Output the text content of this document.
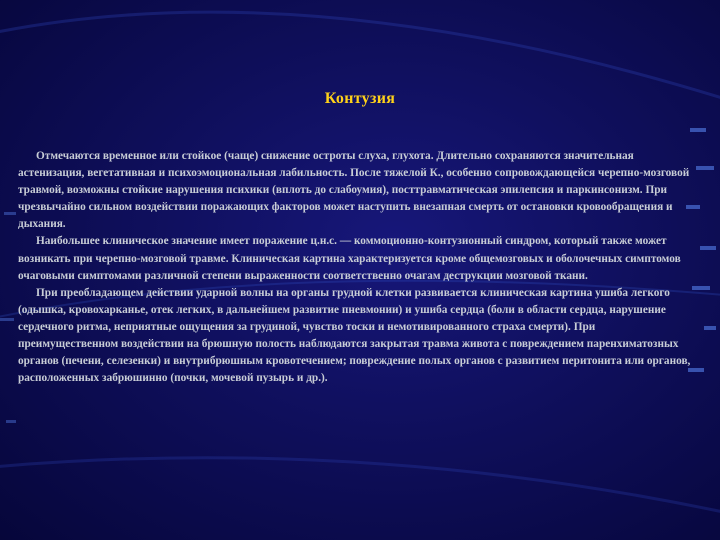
Контузия

Отмечаются временное или стойкое (чаще) снижение остроты слуха, глухота. Длительно сохраняются значительная астенизация, вегетативная и психоэмоциональная лабильность. После тяжелой К., особенно сопровождающейся черепно-мозговой травмой, возможны стойкие нарушения психики (вплоть до слабоумия), посттравматическая эпилепсия и паркинсонизм. При чрезвычайно сильном воздействии поражающих факторов может наступить внезапная смерть от остановки кровообращения и дыхания.

Наибольшее клиническое значение имеет поражение ц.н.с. — коммоционно-контузионный синдром, который также может возникать при черепно-мозговой травме. Клиническая картина характеризуется кроме общемозговых и оболочечных симптомов очаговыми симптомами различной степени выраженности соответственно очагам деструкции мозговой ткани.

При преобладающем действии ударной волны на органы грудной клетки развивается клиническая картина ушиба легкого (одышка, кровохарканье, отек легких, в дальнейшем развитие пневмонии) и ушиба сердца (боли в области сердца, нарушение сердечного ритма, неприятные ощущения за грудиной, чувство тоски и немотивированного страха смерти). При преимущественном воздействии на брюшную полость наблюдаются закрытая травма живота с повреждением паренхиматозных органов (печени, селезенки) и внутрибрюшным кровотечением; повреждение полых органов с развитием перитонита или органов, расположенных забрюшинно (почки, мочевой пузырь и др.).
